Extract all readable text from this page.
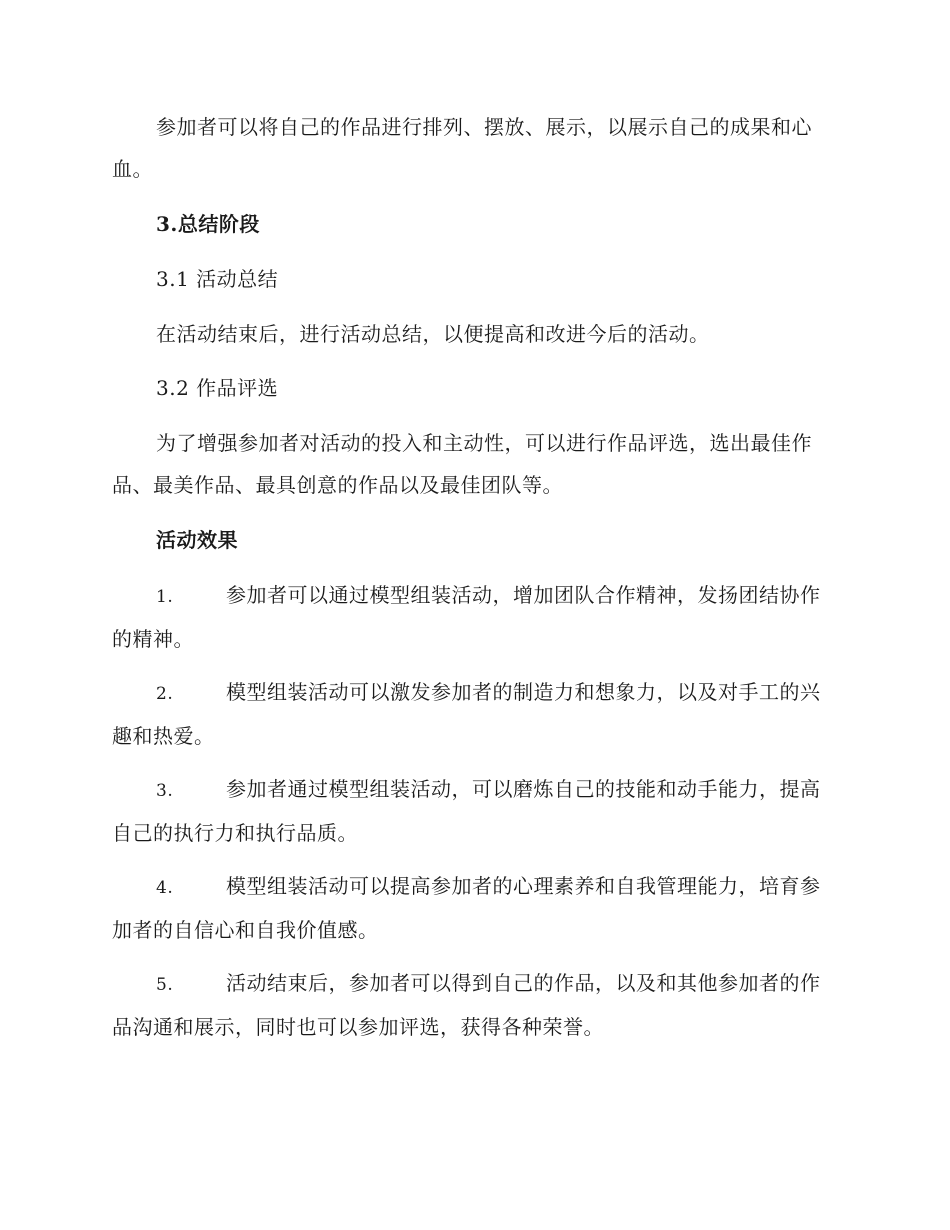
参加者可以将自己的作品进行排列、摆放、展示，以展示自己的成果和心血。

3.总结阶段

3.1 活动总结

在活动结束后，进行活动总结，以便提高和改进今后的活动。

3.2 作品评选

为了增强参加者对活动的投入和主动性，可以进行作品评选，选出最佳作品、最美作品、最具创意的作品以及最佳团队等。

活动效果

1.	参加者可以通过模型组装活动，增加团队合作精神，发扬团结协作的精神。

2.	模型组装活动可以激发参加者的制造力和想象力，以及对手工的兴趣和热爱。

3.	参加者通过模型组装活动，可以磨炼自己的技能和动手能力，提高自己的执行力和执行品质。

4.	模型组装活动可以提高参加者的心理素养和自我管理能力，培育参加者的自信心和自我价值感。

5.	活动结束后，参加者可以得到自己的作品，以及和其他参加者的作品沟通和展示，同时也可以参加评选，获得各种荣誉。
